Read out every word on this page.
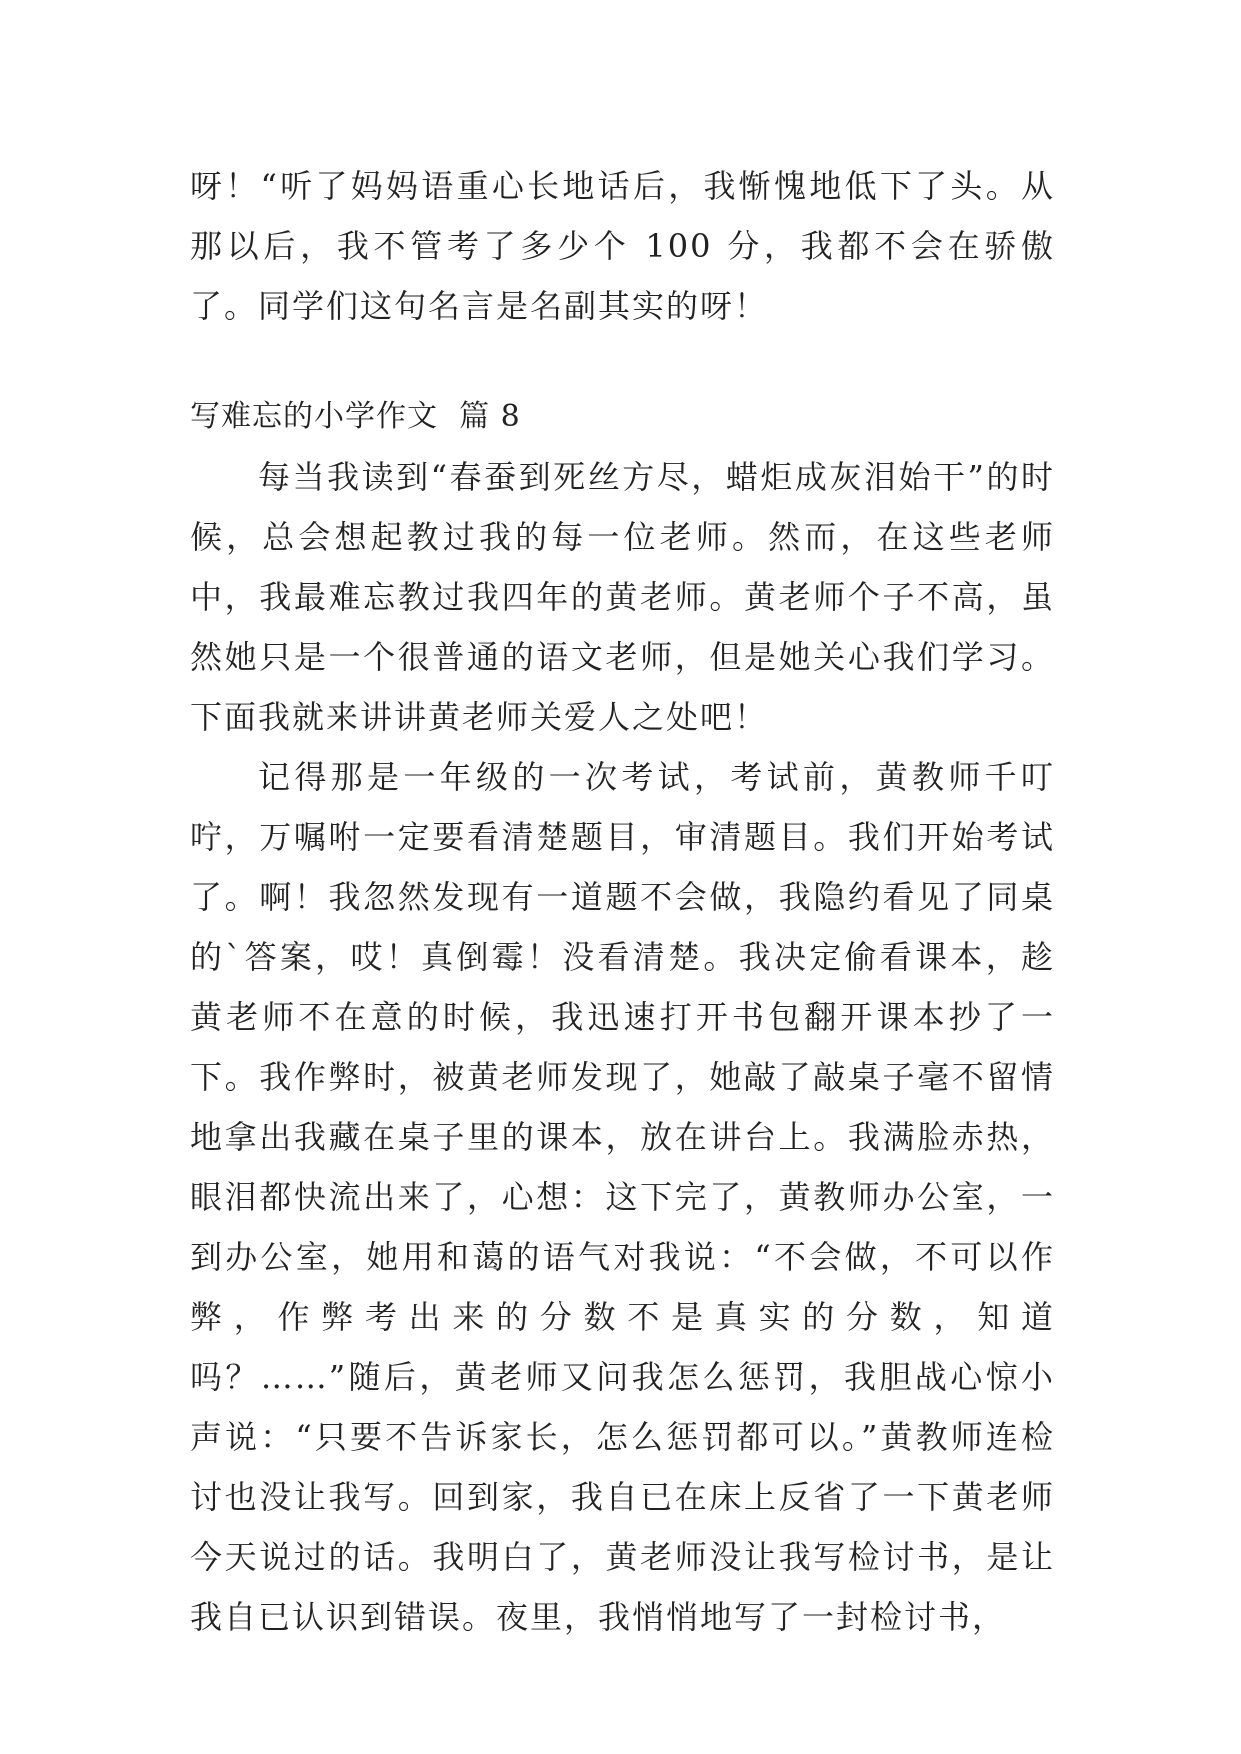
呀！“听了妈妈语重心长地话后，我惭愧地低下了头。从那以后，我不管考了多少个 100 分，我都不会在骄傲了。同学们这句名言是名副其实的呀！

写难忘的小学作文  篇 8

每当我读到“春蚕到死丝方尽，蜡炬成灰泪始干”的时候，总会想起教过我的每一位老师。然而，在这些老师中，我最难忘教过我四年的黄老师。黄老师个子不高，虽然她只是一个很普通的语文老师，但是她关心我们学习。下面我就来讲讲黄老师关爱人之处吧！

记得那是一年级的一次考试，考试前，黄教师千叮咛，万嘱咐一定要看清楚题目，审清题目。我们开始考试了。啊！我忽然发现有一道题不会做，我隐约看见了同桌的`答案，哎！真倒霉！没看清楚。我决定偷看课本，趁黄老师不在意的时候，我迅速打开书包翻开课本抄了一下。我作弊时，被黄老师发现了，她敲了敲桌子毫不留情地拿出我藏在桌子里的课本，放在讲台上。我满脸赤热，眼泪都快流出来了，心想：这下完了，黄教师办公室，一到办公室，她用和蔼的语气对我说：“不会做，不可以作弊，作弊考出来的分数不是真实的分数，知道吗？……”随后，黄老师又问我怎么惩罚，我胆战心惊小声说：“只要不告诉家长，怎么惩罚都可以。”黄教师连检讨也没让我写。回到家，我自已在床上反省了一下黄老师今天说过的话。我明白了，黄老师没让我写检讨书，是让我自已认识到错误。夜里，我悄悄地写了一封检讨书，
